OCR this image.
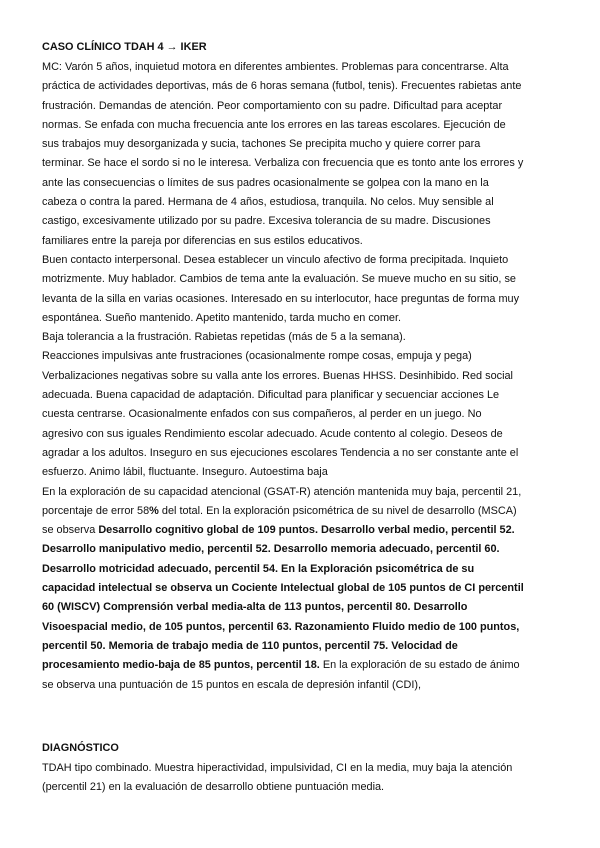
CASO CLÍNICO TDAH 4 → IKER
MC: Varón 5 años, inquietud motora en diferentes ambientes. Problemas para concentrarse. Alta
práctica de actividades deportivas, más de 6 horas semana (futbol, tenis). Frecuentes rabietas ante
frustración. Demandas de atención. Peor comportamiento con su padre. Dificultad para aceptar
normas. Se enfada con mucha frecuencia ante los errores en las tareas escolares. Ejecución de
sus trabajos muy desorganizada y sucia, tachones Se precipita mucho y quiere correr para
terminar. Se hace el sordo si no le interesa. Verbaliza con frecuencia que es tonto ante los errores y
ante las consecuencias o límites de sus padres ocasionalmente se golpea con la mano en la
cabeza o contra la pared. Hermana de 4 años, estudiosa, tranquila. No celos. Muy sensible al
castigo, excesivamente utilizado por su padre. Excesiva tolerancia de su madre. Discusiones
familiares entre la pareja por diferencias en sus estilos educativos.
Buen contacto interpersonal. Desea establecer un vinculo afectivo de forma precipitada. Inquieto
motrizmente. Muy hablador. Cambios de tema ante la evaluación. Se mueve mucho en su sitio, se
levanta de la silla en varias ocasiones. Interesado en su interlocutor, hace preguntas de forma muy
espontánea. Sueño mantenido. Apetito mantenido, tarda mucho en comer.
Baja tolerancia a la frustración. Rabietas repetidas (más de 5 a la semana).
Reacciones impulsivas ante frustraciones (ocasionalmente rompe cosas, empuja y pega)
Verbalizaciones negativas sobre su valla ante los errores. Buenas HHSS. Desinhibido. Red social
adecuada. Buena capacidad de adaptación. Dificultad para planificar y secuenciar acciones Le
cuesta centrarse. Ocasionalmente enfados con sus compañeros, al perder en un juego. No
agresivo con sus iguales Rendimiento escolar adecuado. Acude contento al colegio. Deseos de
agradar a los adultos. Inseguro en sus ejecuciones escolares Tendencia a no ser constante ante el
esfuerzo. Animo lábil, fluctuante. Inseguro. Autoestima baja
En la exploración de su capacidad atencional (GSAT-R) atención mantenida muy baja, percentil 21,
porcentaje de error 58% del total. En la exploración psicométrica de su nivel de desarrollo (MSCA)
se observa Desarrollo cognitivo global de 109 puntos. Desarrollo verbal medio, percentil 52.
Desarrollo manipulativo medio, percentil 52. Desarrollo memoria adecuado, percentil 60.
Desarrollo motricidad adecuado, percentil 54. En la Exploración psicométrica de su
capacidad intelectual se observa un Cociente Intelectual global de 105 puntos de CI percentil
60 (WISCV) Comprensión verbal media-alta de 113 puntos, percentil 80. Desarrollo
Visoespacial medio, de 105 puntos, percentil 63. Razonamiento Fluido medio de 100 puntos,
percentil 50. Memoria de trabajo media de 110 puntos, percentil 75. Velocidad de
procesamiento medio-baja de 85 puntos, percentil 18. En la exploración de su estado de ánimo
se observa una puntuación de 15 puntos en escala de depresión infantil (CDI),
DIAGNÓSTICO
TDAH tipo combinado. Muestra hiperactividad, impulsividad, CI en la media, muy baja la atención
(percentil 21) en la evaluación de desarrollo obtiene puntuación media.
